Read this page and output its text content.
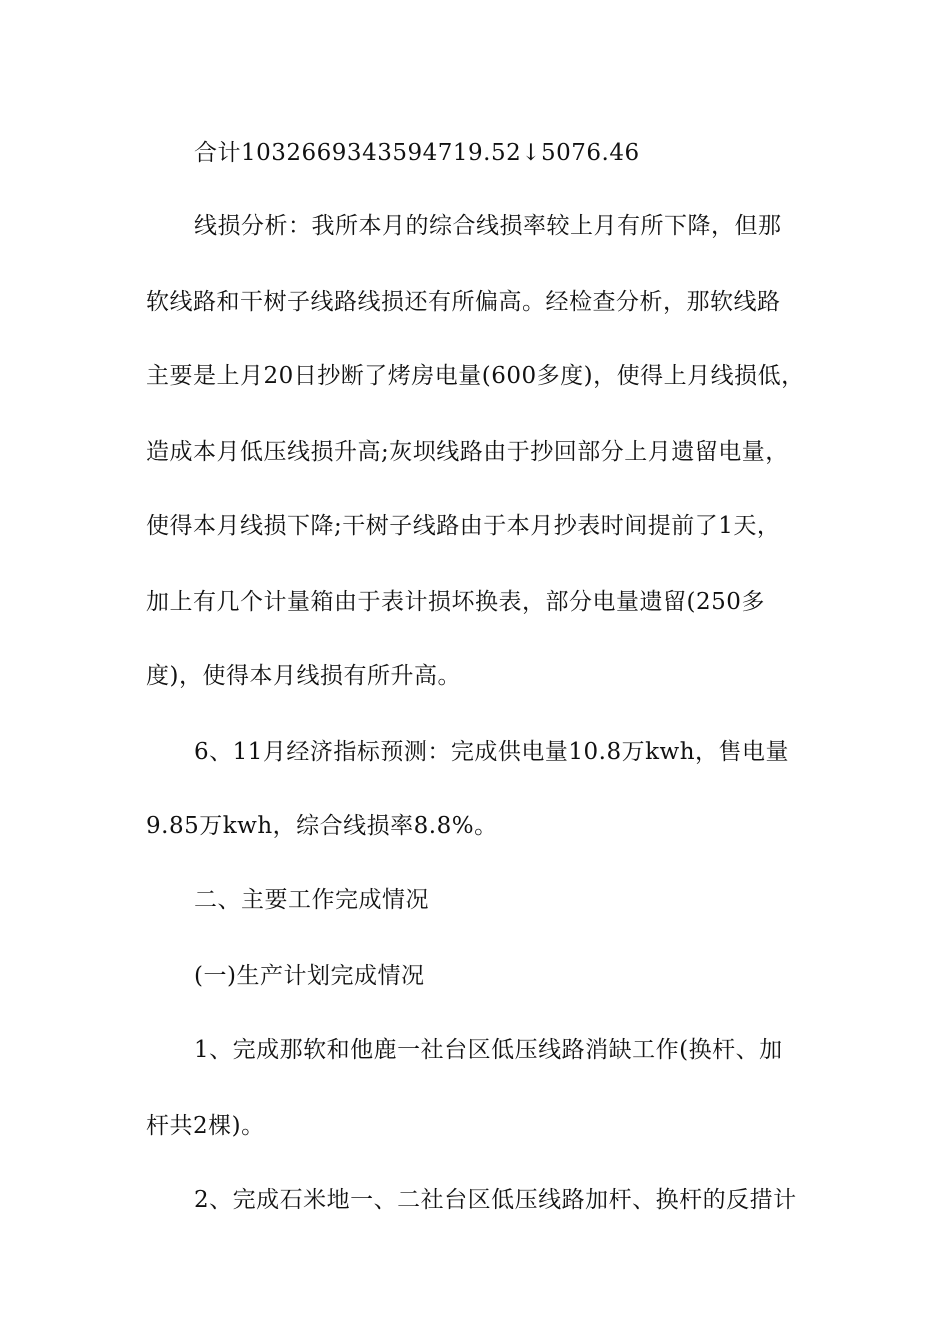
合计1032669343594719.52↓5076.46
线损分析：我所本月的综合线损率较上月有所下降，但那
软线路和干树子线路线损还有所偏高。经检查分析，那软线路
主要是上月20日抄断了烤房电量(600多度)，使得上月线损低，
造成本月低压线损升高;灰坝线路由于抄回部分上月遗留电量，
使得本月线损下降;干树子线路由于本月抄表时间提前了1天，
加上有几个计量箱由于表计损坏换表，部分电量遗留(250多
度)，使得本月线损有所升高。
6、11月经济指标预测：完成供电量10.8万kwh，售电量
9.85万kwh，综合线损率8.8%。
二、主要工作完成情况
(一)生产计划完成情况
1、完成那软和他鹿一社台区低压线路消缺工作(换杆、加
杆共2棵)。
2、完成石米地一、二社台区低压线路加杆、换杆的反措计
